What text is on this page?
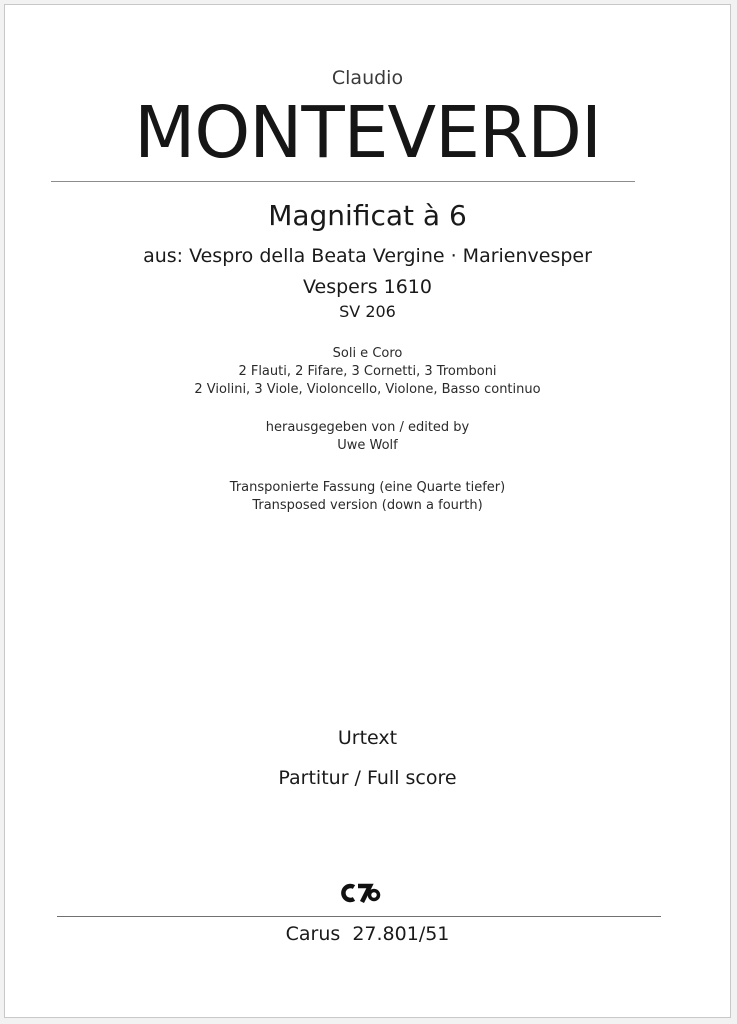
Claudio
MONTEVERDI
Magnificat à 6
aus: Vespro della Beata Vergine · Marienvesper
Vespers 1610
SV 206
Soli e Coro
2 Flauti, 2 Fifare, 3 Cornetti, 3 Tromboni
2 Violini, 3 Viole, Violoncello, Violone, Basso continuo
herausgegeben von / edited by
Uwe Wolf
Transponierte Fassung (eine Quarte tiefer)
Transposed version (down a fourth)
Urtext
Partitur / Full score
Carus  27.801/51
